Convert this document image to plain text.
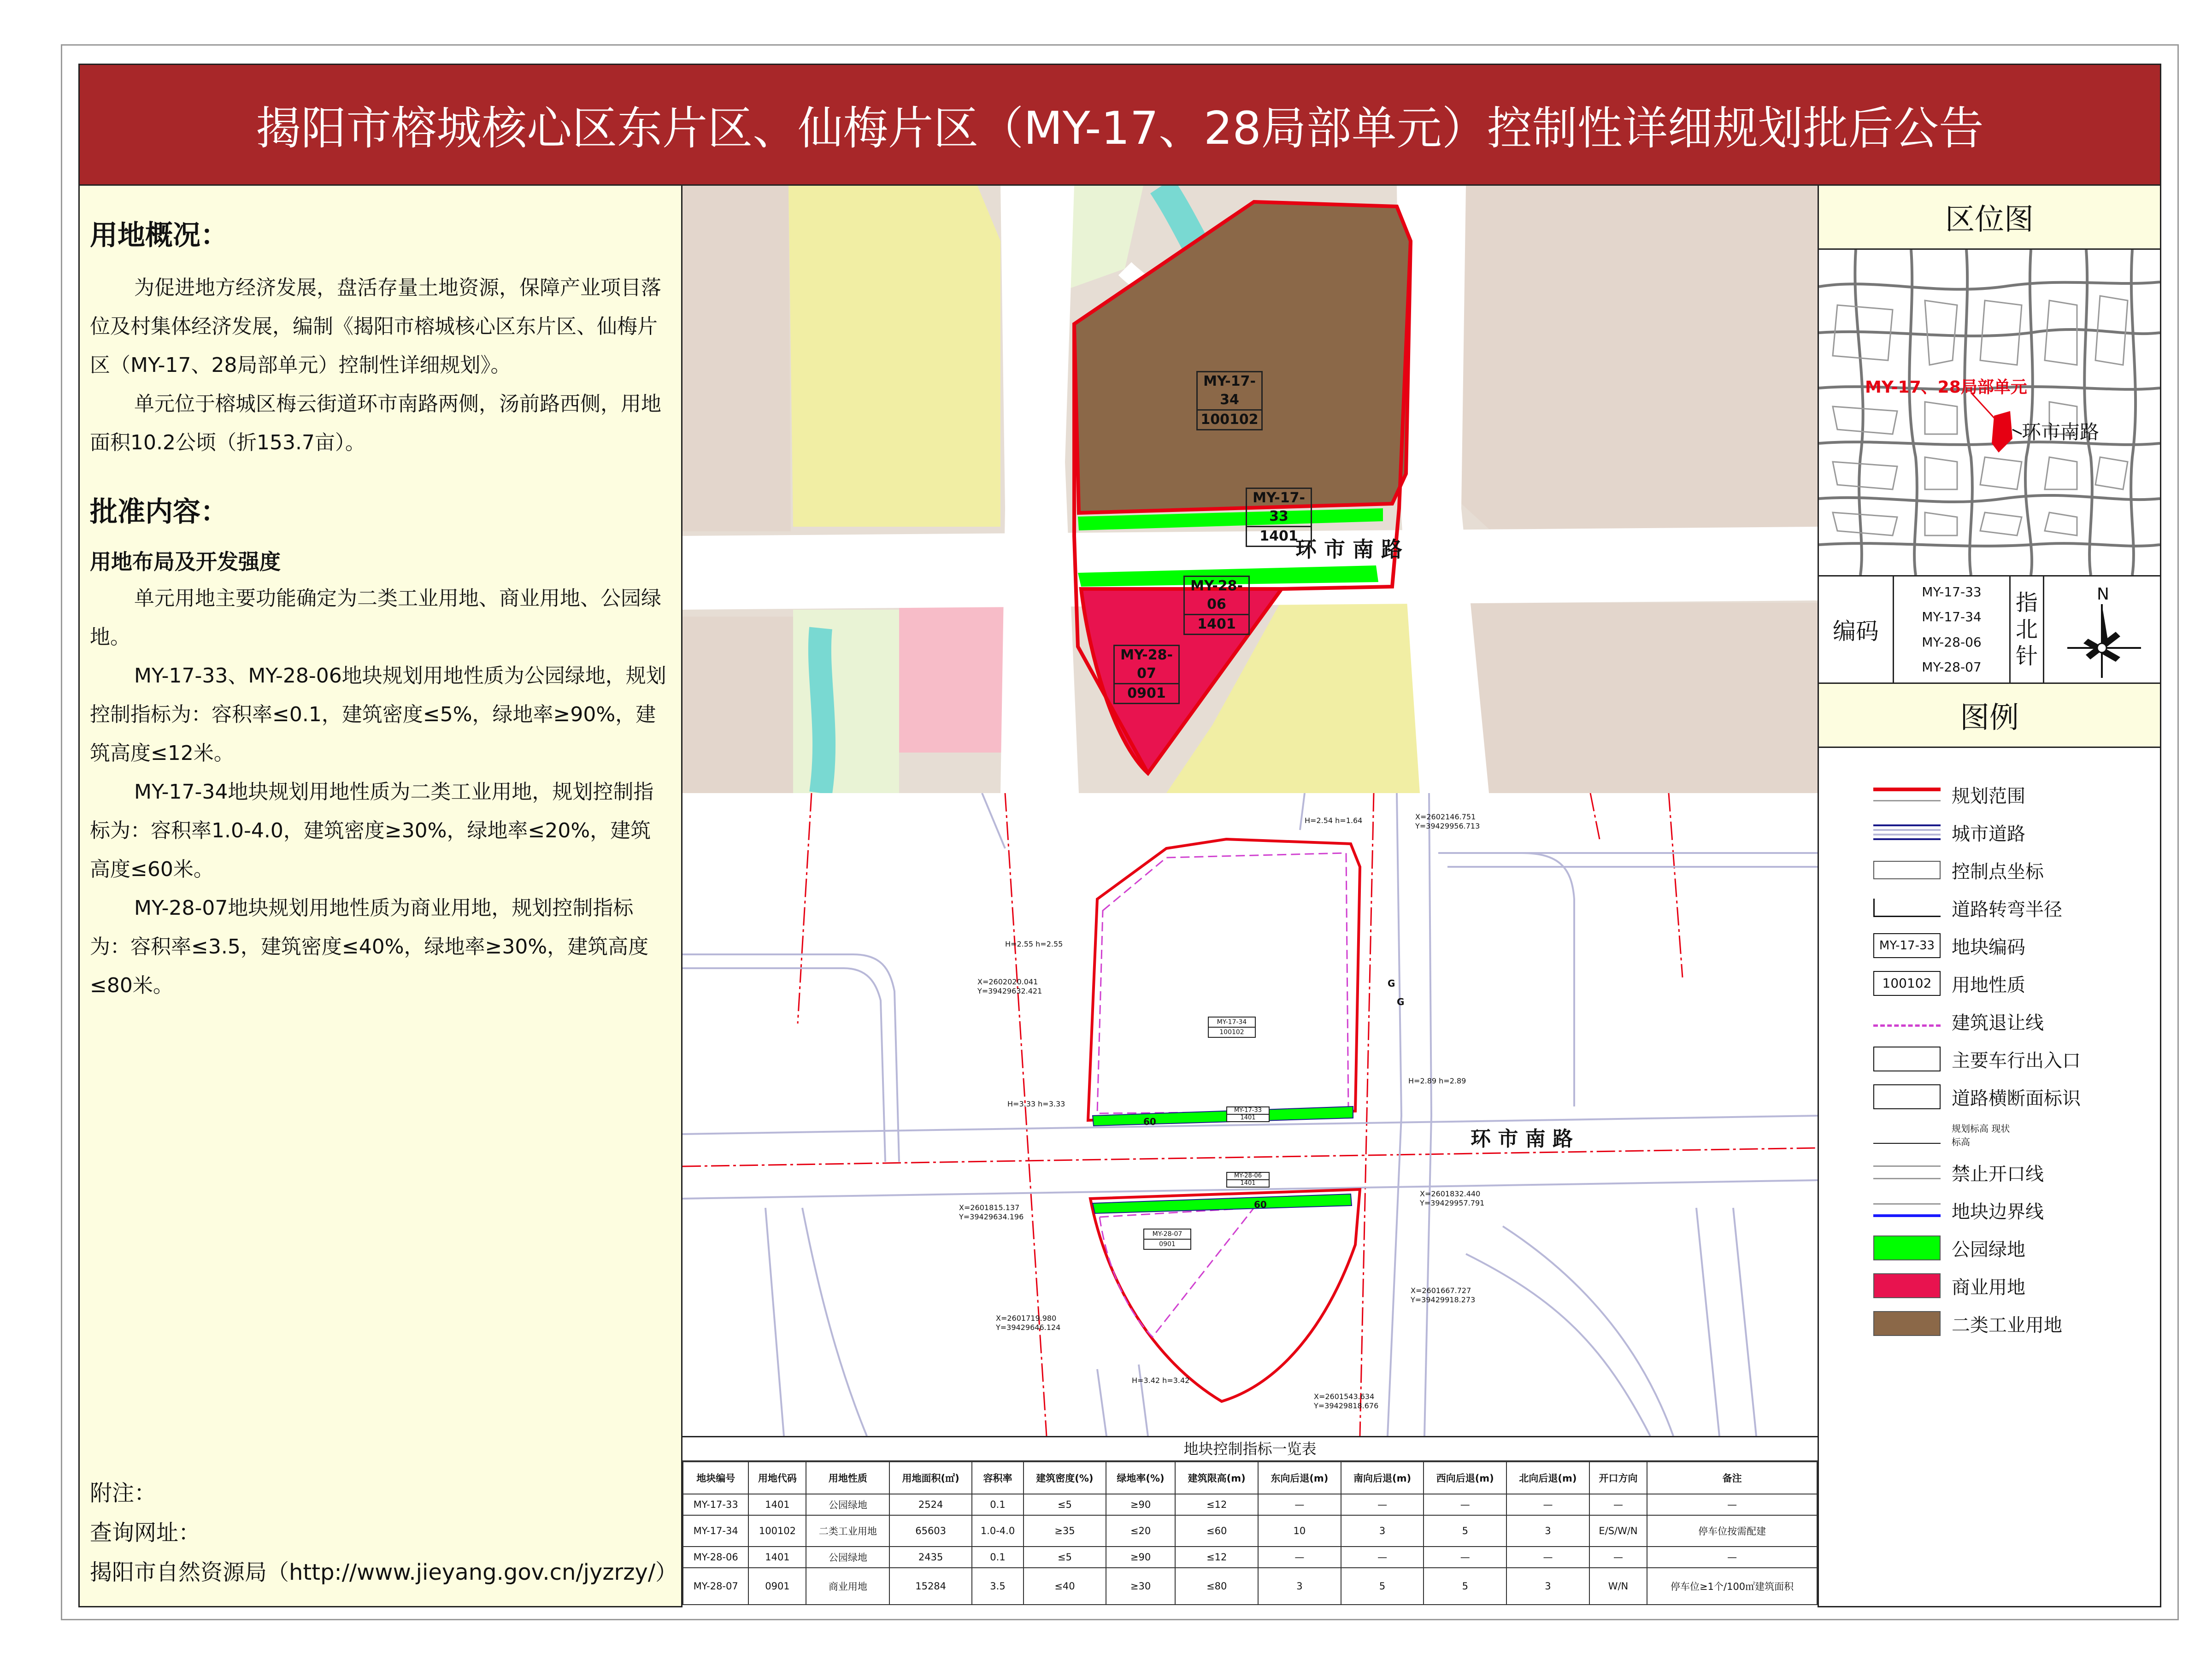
揭阳市榕城核心区东片区、仙梅片区（MY-17、28局部单元）控制性详细规划批后公告
用地概况：

为促进地方经济发展，盘活存量土地资源，保障产业项目落位及村集体经济发展，编制《揭阳市榕城核心区东片区、仙梅片区（MY-17、28局部单元）控制性详细规划》。

单元位于榕城区梅云街道环市南路两侧，汤前路西侧，用地面积10.2公顷（折153.7亩）。

批准内容：
用地布局及开发强度

单元用地主要功能确定为二类工业用地、商业用地、公园绿地。

MY-17-33、MY-28-06地块规划用地性质为公园绿地，规划控制指标为：容积率≤0.1，建筑密度≤5%，绿地率≥90%，建筑高度≤12米。

MY-17-34地块规划用地性质为二类工业用地，规划控制指标为：容积率1.0-4.0，建筑密度≥30%，绿地率≤20%，建筑高度≤60米。

MY-28-07地块规划用地性质为商业用地，规划控制指标为：容积率≤3.5，建筑密度≤40%，绿地率≥30%，建筑高度≤80米。

附注：
查询网址：
揭阳市自然资源局（http://www.jieyang.gov.cn/jyzrzy/）
环 市 南 路
MY-17-34
100102
MY-17-33
1401
MY-28-06
1401
MY-28-07
0901
环 市 南 路
G
G
60
60
MY-17-34
100102
MY-28-07
0901
MY-17-33
1401
MY-28-06
1401
X=2602146.751 Y=39429956.713
X=2602020.041 Y=39429632.421
X=2601832.440 Y=39429957.791
X=2601815.137 Y=39429634.196
X=2601667.727 Y=39429918.273
X=2601719.980 Y=39429646.124
X=2601543.634 Y=39429818.676
H=2.54 h=1.64
H=2.55 h=2.55
H=3.33 h=3.33
H=2.89 h=2.89
H=3.42 h=3.42
地块控制指标一览表
地块编号	用地代码	用地性质	用地面积(㎡)	容积率	建筑密度(%)	绿地率(%)	建筑限高(m)	东向后退(m)	南向后退(m)	西向后退(m)	北向后退(m)	开口方向	备注
MY-17-33	1401	公园绿地	2524	0.1	≤5	≥90	≤12	—	—	—	—	—	—
MY-17-34	100102	二类工业用地	65603	1.0-4.0	≥35	≤20	≤60	10	3	5	3	E/S/W/N	停车位按需配建
MY-28-06	1401	公园绿地	2435	0.1	≤5	≥90	≤12	—	—	—	—	—	—
MY-28-07	0901	商业用地	15284	3.5	≤40	≥30	≤80	3	5	5	3	W/N	停车位≥1个/100㎡建筑面积
区位图
MY-17、28局部单元
环市南路
编码
MY-17-33
MY-17-34
MY-28-06
MY-28-07
指
北
针
N
图例
规划范围
城市道路
控制点坐标
道路转弯半径
MY-17-33 地块编码
100102	用地性质
建筑退让线
主要车行出入口
道路横断面标识
规划标高 现状标高
禁止开口线
地块边界线
公园绿地
商业用地
二类工业用地
